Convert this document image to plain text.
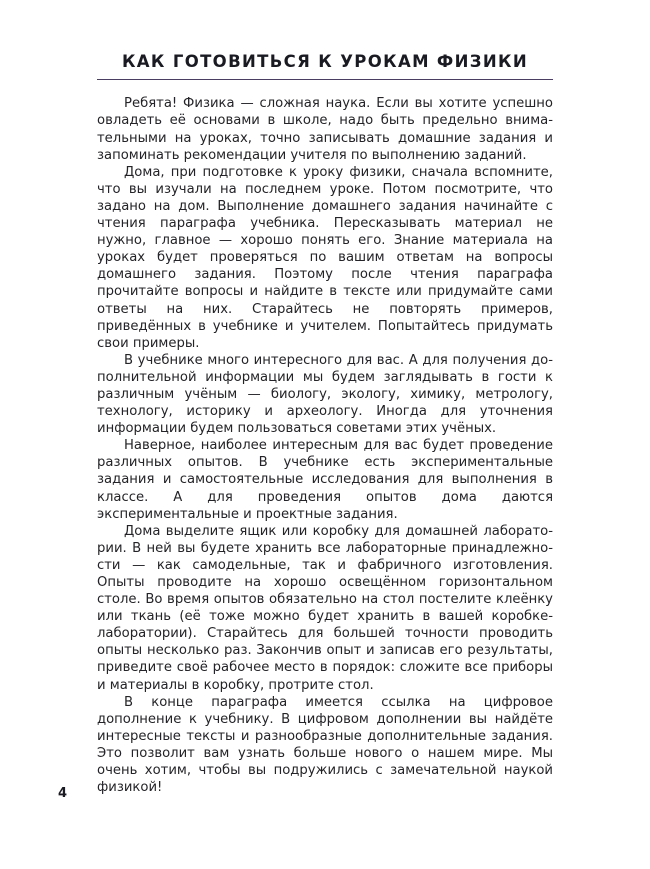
КАК ГОТОВИТЬСЯ К УРОКАМ ФИЗИКИ

Ребята! Физика — сложная наука. Если вы хотите успешно овладеть её основами в школе, надо быть предельно внимательными на уроках, точно записывать домашние задания и запоминать рекомендации учителя по выполнению заданий.

Дома, при подготовке к уроку физики, сначала вспомните, что вы изучали на последнем уроке. Потом посмотрите, что задано на дом. Выполнение домашнего задания начинайте с чтения параграфа учебника. Пересказывать материал не нужно, главное — хорошо понять его. Знание материала на уроках будет проверяться по вашим ответам на вопросы домашнего задания. Поэтому после чтения параграфа прочитайте вопросы и найдите в тексте или придумайте сами ответы на них. Старайтесь не повторять примеров, приведённых в учебнике и учителем. Попытайтесь придумать свои примеры.

В учебнике много интересного для вас. А для получения дополнительной информации мы будем заглядывать в гости к различным учёным — биологу, экологу, химику, метрологу, технологу, историку и археологу. Иногда для уточнения информации будем пользоваться советами этих учёных.

Наверное, наиболее интересным для вас будет проведение различных опытов. В учебнике есть экспериментальные задания и самостоятельные исследования для выполнения в классе. А для проведения опытов дома даются экспериментальные и проектные задания.

Дома выделите ящик или коробку для домашней лаборатории. В ней вы будете хранить все лабораторные принадлежности — как самодельные, так и фабричного изготовления. Опыты проводите на хорошо освещённом горизонтальном столе. Во время опытов обязательно на стол постелите клеёнку или ткань (её тоже можно будет хранить в вашей коробке-лаборатории). Старайтесь для большей точности проводить опыты несколько раз. Закончив опыт и записав его результаты, приведите своё рабочее место в порядок: сложите все приборы и материалы в коробку, протрите стол.

В конце параграфа имеется ссылка на цифровое дополнение к учебнику. В цифровом дополнении вы найдёте интересные тексты и разнообразные дополнительные задания. Это позволит вам узнать больше нового о нашем мире. Мы очень хотим, чтобы вы подружились с замечательной наукой физикой!

4
